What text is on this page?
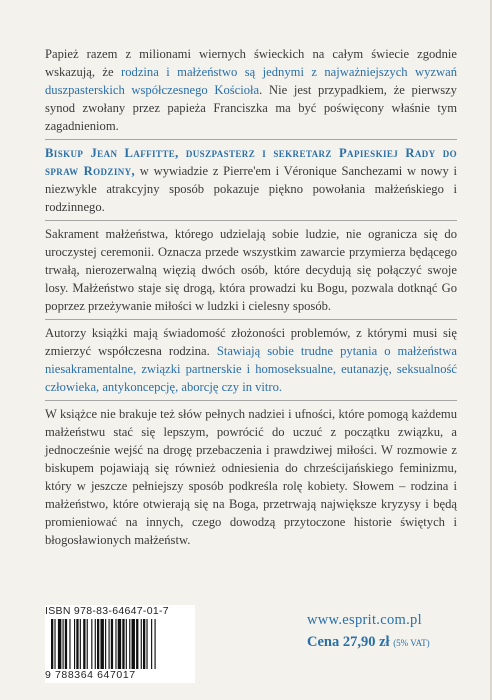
Papież razem z milionami wiernych świeckich na całym świecie zgodnie wskazują, że rodzina i małżeństwo są jednymi z najważniejszych wyzwań duszpasterskich współczesnego Kościoła. Nie jest przypadkiem, że pierwszy synod zwołany przez papieża Franciszka ma być poświęcony właśnie tym zagadnieniom.

Biskup Jean Laffitte, duszpasterz i sekretarz Papieskiej Rady do spraw Rodziny, w wywiadzie z Pierre'em i Véronique Sanchezami w nowy i niezwykle atrakcyjny sposób pokazuje piękno powołania małżeńskiego i rodzinnego.

Sakrament małżeństwa, którego udzielają sobie ludzie, nie ogranicza się do uroczystej ceremonii. Oznacza przede wszystkim zawarcie przymierza będącego trwałą, nierozerwalną więzią dwóch osób, które decydują się połączyć swoje losy. Małżeństwo staje się drogą, która prowadzi ku Bogu, pozwala dotknąć Go poprzez przeżywanie miłości w ludzki i cielesny sposób.

Autorzy książki mają świadomość złożoności problemów, z którymi musi się zmierzyć współczesna rodzina. Stawiają sobie trudne pytania o małżeństwa niesakramentalne, związki partnerskie i homoseksualne, eutanazję, seksualność człowieka, antykoncepcję, aborcję czy in vitro.

W książce nie brakuje też słów pełnych nadziei i ufności, które pomogą każdemu małżeństwu stać się lepszym, powrócić do uczuć z początku związku, a jednocześnie wejść na drogę przebaczenia i prawdziwej miłości. W rozmowie z biskupem pojawiają się również odniesienia do chrześcijańskiego feminizmu, który w jeszcze pełniejszy sposób podkreśla rolę kobiety. Słowem – rodzina i małżeństwo, które otwierają się na Boga, przetrwają największe kryzysy i będą promieniować na innych, czego dowodzą przytoczone historie świętych i błogosławionych małżeństw.

ISBN 978-83-64647-01-7
9 788364 647017
www.esprit.com.pl
Cena 27,90 zł (5% VAT)
